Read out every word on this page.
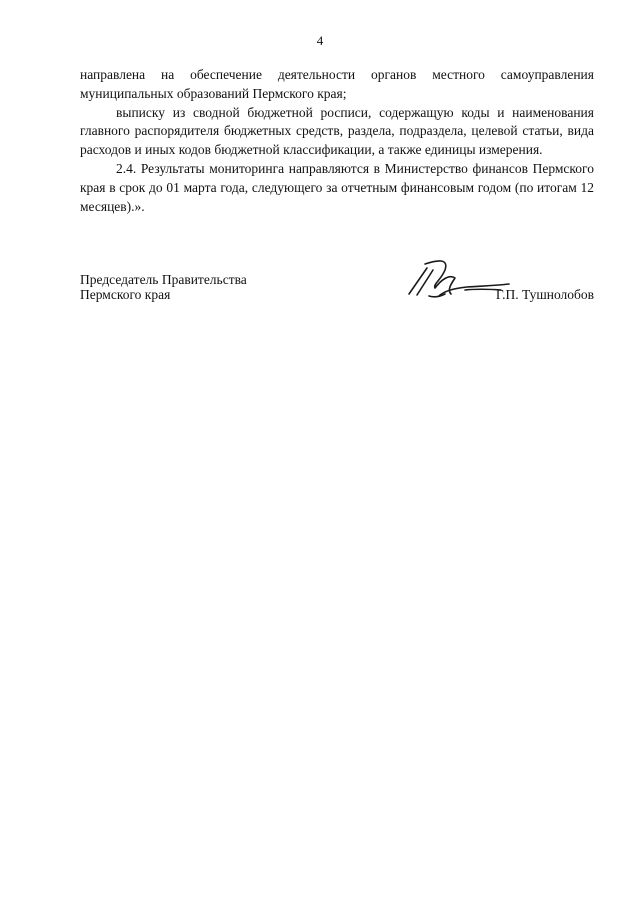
4

направлена на обеспечение деятельности органов местного самоуправления муниципальных образований Пермского края;

выписку из сводной бюджетной росписи, содержащую коды и наименования главного распорядителя бюджетных средств, раздела, подраздела, целевой статьи, вида расходов и иных кодов бюджетной классификации, а также единицы измерения.

2.4. Результаты мониторинга направляются в Министерство финансов Пермского края в срок до 01 марта года, следующего за отчетным финансовым годом (по итогам 12 месяцев).».

Председатель Правительства
Пермского края	Г.П. Тушнолобов
